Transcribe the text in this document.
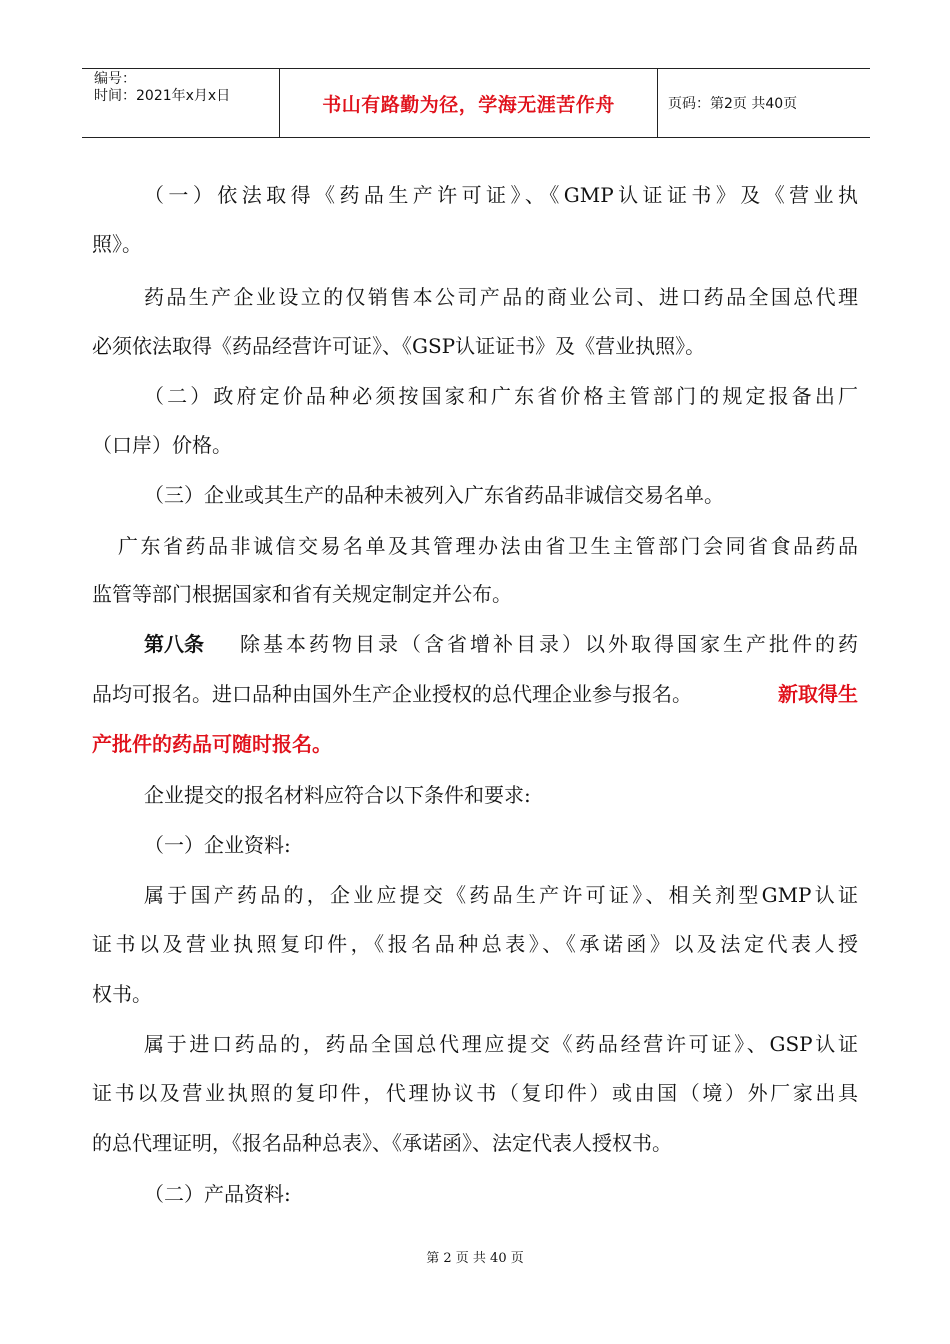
编号：
时间：2021年x月x日	书山有路勤为径，学海无涯苦作舟	页码：第2页 共40页
（一）依法取得《药品生产许可证》、《GMP认证证书》及《营业执
照》。
药品生产企业设立的仅销售本公司产品的商业公司、进口药品全国总代理
必须依法取得《药品经营许可证》、《GSP认证证书》及《营业执照》。
（二）政府定价品种必须按国家和广东省价格主管部门的规定报备出厂
（口岸）价格。
（三）企业或其生产的品种未被列入广东省药品非诚信交易名单。
广东省药品非诚信交易名单及其管理办法由省卫生主管部门会同省食品药品
监管等部门根据国家和省有关规定制定并公布。
第八条 除基本药物目录（含省增补目录）以外取得国家生产批件的药
品均可报名。进口品种由国外生产企业授权的总代理企业参与报名。	新取得生
产批件的药品可随时报名。
企业提交的报名材料应符合以下条件和要求:
（一）企业资料:
属于国产药品的，企业应提交《药品生产许可证》、相关剂型GMP认证
证书以及营业执照复印件，《报名品种总表》、《承诺函》以及法定代表人授
权书。
属于进口药品的，药品全国总代理应提交《药品经营许可证》、GSP认证
证书以及营业执照的复印件，代理协议书（复印件）或由国（境）外厂家出具
的总代理证明，《报名品种总表》、《承诺函》、法定代表人授权书。
（二）产品资料:
第 2 页 共 40 页
